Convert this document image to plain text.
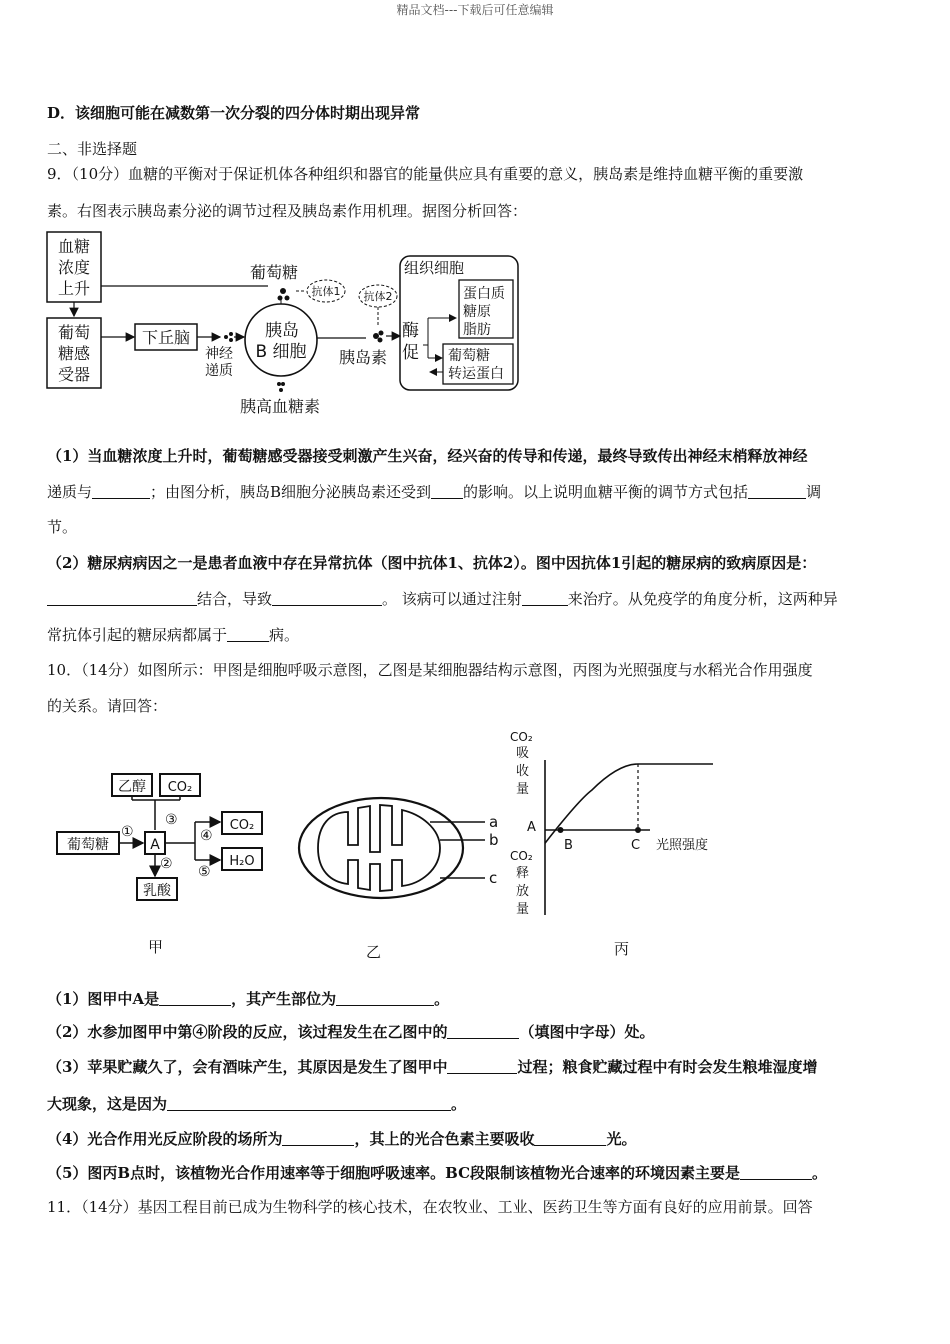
精品文档---下载后可任意编辑
D．该细胞可能在减数第一次分裂的四分体时期出现异常
二、非选择题
9．（10分）血糖的平衡对于保证机体各种组织和器官的能量供应具有重要的意义，胰岛素是维持血糖平衡的重要激
素。右图表示胰岛素分泌的调节过程及胰岛素作用机理。据图分析回答：
血糖
浓度
上升
葡萄
糖感
受器
葡萄糖
抗体1
下丘脑
神经
递质
胰岛
B 细胞
胰高血糖素
胰岛素
抗体2
组织细胞
蛋白质
糖原
脂肪
酶
促 葡萄糖
转运蛋白
（1）当血糖浓度上升时，葡萄糖感受器接受刺激产生兴奋，经兴奋的传导和传递，最终导致传出神经末梢释放神经
递质与	；由图分析，胰岛B细胞分泌胰岛素还受到 的影响。以上说明血糖平衡的调节方式包括	调
节。
（2）糖尿病病因之一是患者血液中存在异常抗体（图中抗体1、抗体2）。图中因抗体1引起的糖尿病的致病原因是：
结合，导致	。 该病可以通过注射	来治疗。从免疫学的角度分析，这两种异
常抗体引起的糖尿病都属于	病。
10．（14分）如图所示：甲图是细胞呼吸示意图，乙图是某细胞器结构示意图，丙图为光照强度与水稻光合作用强度
的关系。请回答：
乙醇 CO₂
③
葡萄糖
①
A
②
乳酸
④
⑤
CO₂
H₂O
甲
a
b
c
乙
CO₂
吸
收
量
CO₂
释
放
量
A
B	C 光照强度
丙
（1）图甲中A是	，其产生部位为	。
（2）水参加图甲中第④阶段的反应，该过程发生在乙图中的	（填图中字母）处。
（3）苹果贮藏久了，会有酒味产生，其原因是发生了图甲中	过程；粮食贮藏过程中有时会发生粮堆湿度增
大现象，这是因为	。
（4）光合作用光反应阶段的场所为	，其上的光合色素主要吸收	光。
（5）图丙B点时，该植物光合作用速率等于细胞呼吸速率。BC段限制该植物光合速率的环境因素主要是	。
11．（14分）基因工程目前已成为生物科学的核心技术，在农牧业、工业、医药卫生等方面有良好的应用前景。回答
